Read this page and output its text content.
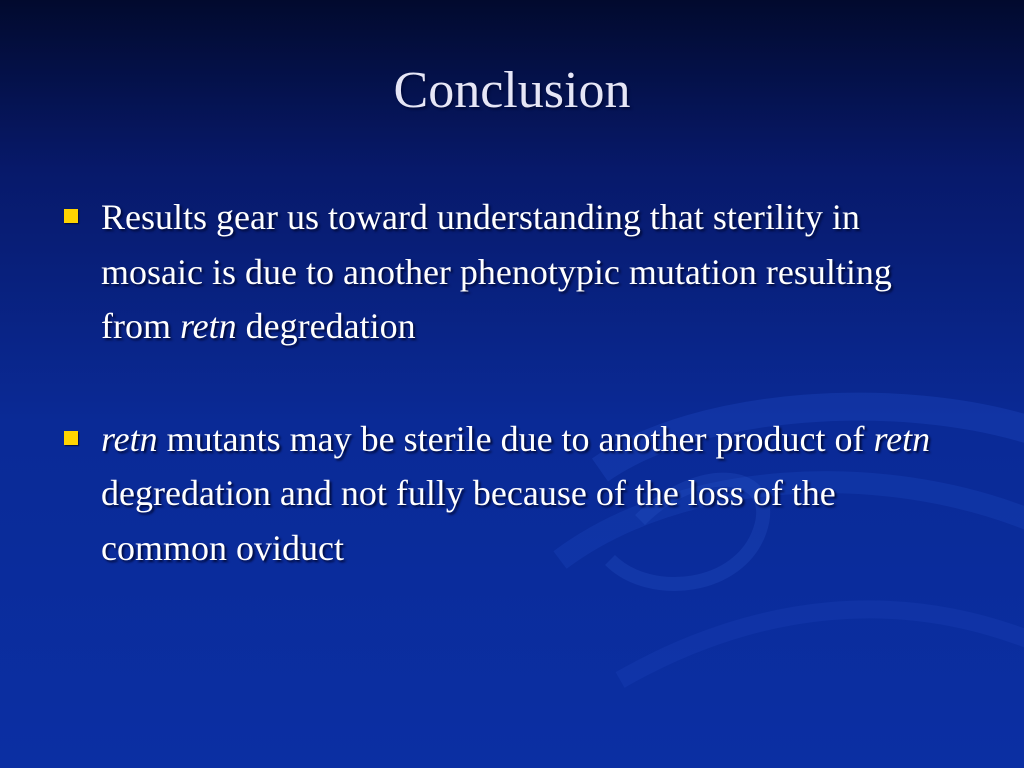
Conclusion
Results gear us toward understanding that sterility in mosaic is due to another phenotypic mutation resulting from retn degredation
retn mutants may be sterile due to another product of retn degredation and not fully because of the loss of the common oviduct
